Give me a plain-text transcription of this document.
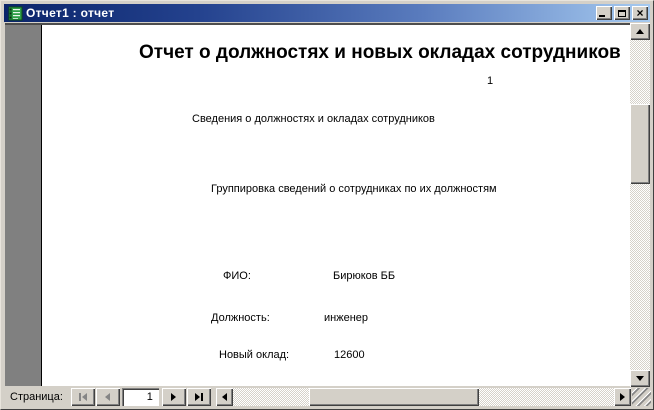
Отчет1 : отчет	×
Отчет о должностях и новых окладах сотрудников
1
Сведения о должностях и окладах сотрудников
Группировка сведений о сотрудниках по их должностям
ФИО:	Бирюков ББ
Должность:	инженер
Новый оклад:	12600
Страница:
1
